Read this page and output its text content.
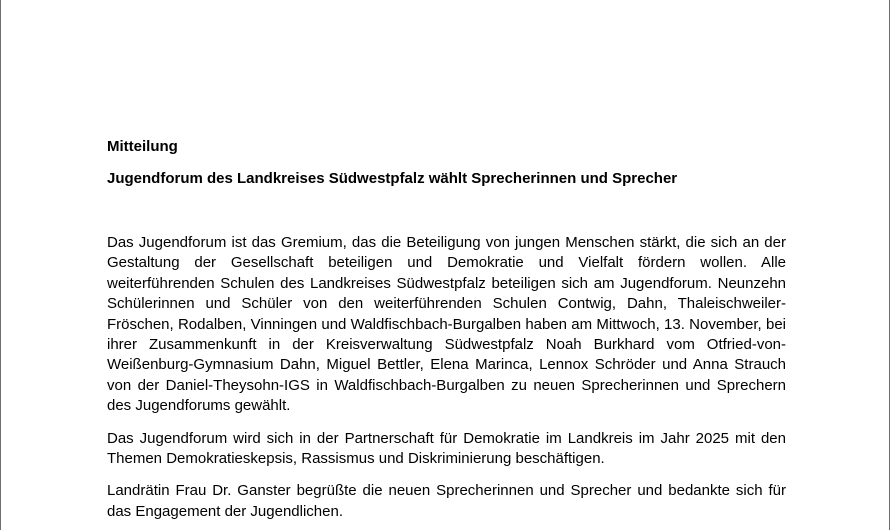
Mitteilung

Jugendforum des Landkreises Südwestpfalz wählt Sprecherinnen und Sprecher

Das Jugendforum ist das Gremium, das die Beteiligung von jungen Menschen stärkt, die sich an der Gestaltung der Gesellschaft beteiligen und Demokratie und Vielfalt fördern wollen. Alle weiterführenden Schulen des Landkreises Südwestpfalz beteiligen sich am Jugendforum. Neunzehn Schülerinnen und Schüler von den weiterführenden Schulen Contwig, Dahn, Thaleischweiler-Fröschen, Rodalben, Vinningen und Waldfischbach-Burgalben haben am Mittwoch, 13. November, bei ihrer Zusammenkunft in der Kreisverwaltung Südwestpfalz Noah Burkhard vom Otfried-von-Weißenburg-Gymnasium Dahn, Miguel Bettler, Elena Marinca, Lennox Schröder und Anna Strauch von der Daniel-Theysohn-IGS in Waldfischbach-Burgalben zu neuen Sprecherinnen und Sprechern des Jugendforums gewählt.

Das Jugendforum wird sich in der Partnerschaft für Demokratie im Landkreis im Jahr 2025 mit den Themen Demokratieskepsis, Rassismus und Diskriminierung beschäftigen.

Landrätin Frau Dr. Ganster begrüßte die neuen Sprecherinnen und Sprecher und bedankte sich für das Engagement der Jugendlichen.
